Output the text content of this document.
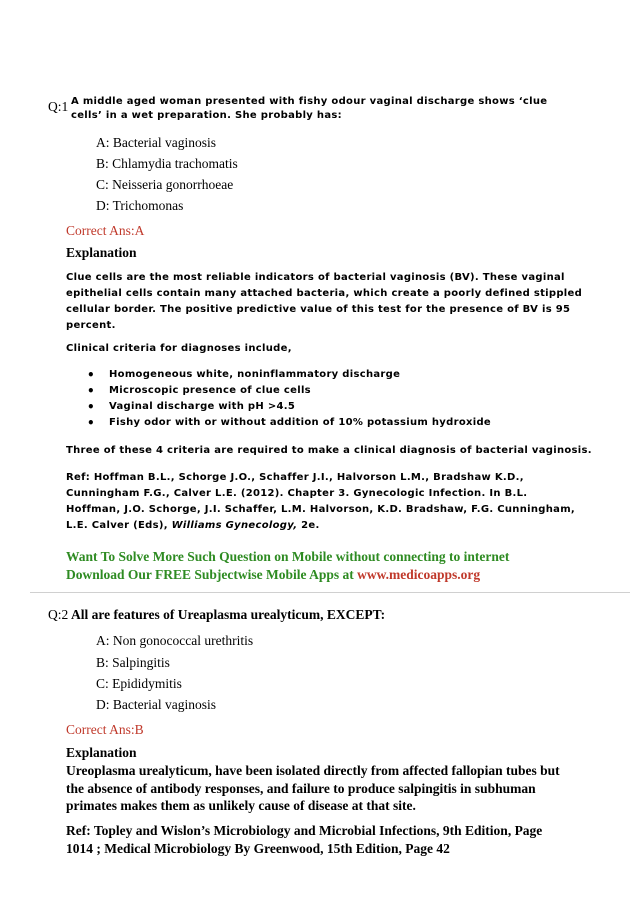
Q:1 A middle aged woman presented with fishy odour vaginal discharge shows ‘clue
cells’ in a wet preparation. She probably has:
A: Bacterial vaginosis
B: Chlamydia trachomatis
C: Neisseria gonorrhoeae
D: Trichomonas
Correct Ans:A
Explanation
Clue cells are the most reliable indicators of bacterial vaginosis (BV). These vaginal
epithelial cells contain many attached bacteria, which create a poorly defined stippled
cellular border. The positive predictive value of this test for the presence of BV is 95
percent.
Clinical criteria for diagnoses include,
• Homogeneous white, noninflammatory discharge
• Microscopic presence of clue cells
• Vaginal discharge with pH >4.5
• Fishy odor with or without addition of 10% potassium hydroxide
Three of these 4 criteria are required to make a clinical diagnosis of bacterial vaginosis.
Ref: Hoffman B.L., Schorge J.O., Schaffer J.I., Halvorson L.M., Bradshaw K.D.,
Cunningham F.G., Calver L.E. (2012). Chapter 3. Gynecologic Infection. In B.L.
Hoffman, J.O. Schorge, J.I. Schaffer, L.M. Halvorson, K.D. Bradshaw, F.G. Cunningham,
L.E. Calver (Eds), Williams Gynecology, 2e.
Want To Solve More Such Question on Mobile without connecting to internet
Download Our FREE Subjectwise Mobile Apps at www.medicoapps.org
Q:2 All are features of Ureaplasma urealyticum, EXCEPT:
A: Non gonococcal urethritis
B: Salpingitis
C: Epididymitis
D: Bacterial vaginosis
Correct Ans:B
Explanation
Ureoplasma urealyticum, have been isolated directly from affected fallopian tubes but
the absence of antibody responses, and failure to produce salpingitis in subhuman
primates makes them as unlikely cause of disease at that site.
Ref: Topley and Wislon’s Microbiology and Microbial Infections, 9th Edition, Page
1014 ; Medical Microbiology By Greenwood, 15th Edition, Page 42
